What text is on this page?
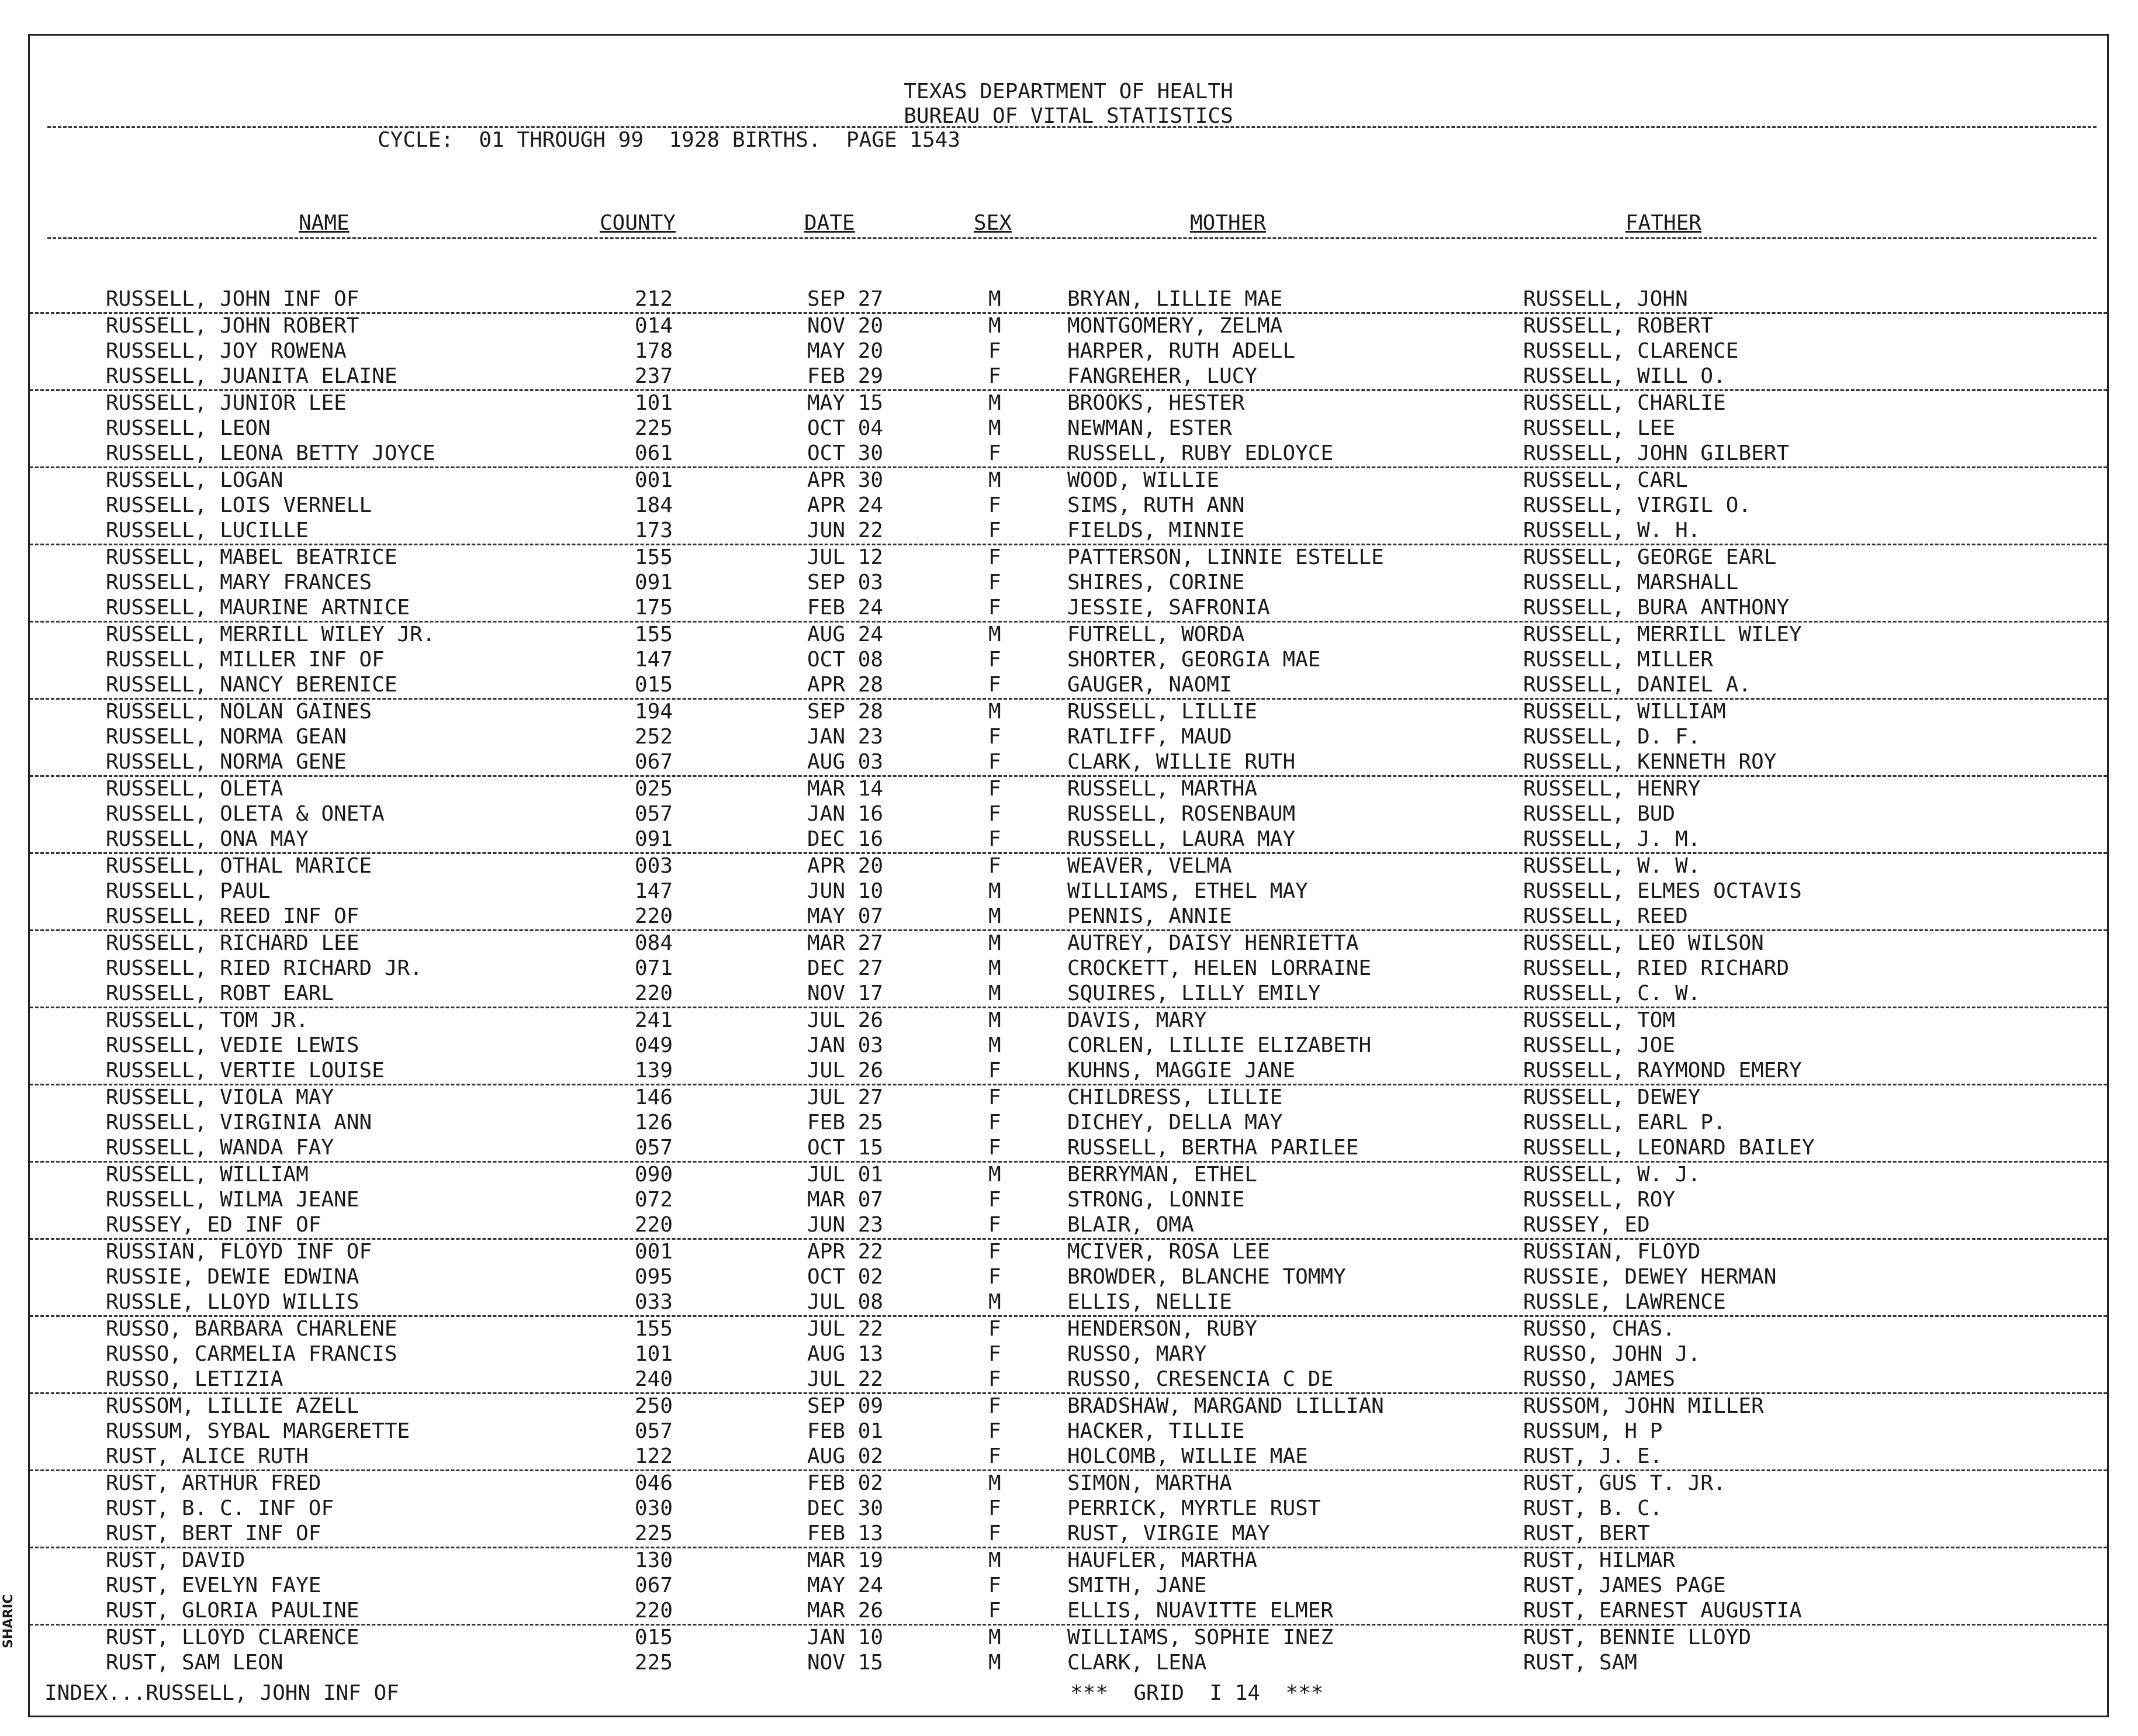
TEXAS DEPARTMENT OF HEALTH
BUREAU OF VITAL STATISTICS
CYCLE:  01 THROUGH 99  1928 BIRTHS.  PAGE 1543
NAME	COUNTY	DATE	SEX	MOTHER	FATHER
RUSSELL, JOHN INF OF	212	SEP 27	M	BRYAN, LILLIE MAE	RUSSELL, JOHN
RUSSELL, JOHN ROBERT	014	NOV 20	M	MONTGOMERY, ZELMA	RUSSELL, ROBERT
RUSSELL, JOY ROWENA	178	MAY 20	F	HARPER, RUTH ADELL	RUSSELL, CLARENCE
RUSSELL, JUANITA ELAINE	237	FEB 29	F	FANGREHER, LUCY	RUSSELL, WILL O.
RUSSELL, JUNIOR LEE	101	MAY 15	M	BROOKS, HESTER	RUSSELL, CHARLIE
RUSSELL, LEON	225	OCT 04	M	NEWMAN, ESTER	RUSSELL, LEE
RUSSELL, LEONA BETTY JOYCE	061	OCT 30	F	RUSSELL, RUBY EDLOYCE	RUSSELL, JOHN GILBERT
RUSSELL, LOGAN	001	APR 30	M	WOOD, WILLIE	RUSSELL, CARL
RUSSELL, LOIS VERNELL	184	APR 24	F	SIMS, RUTH ANN	RUSSELL, VIRGIL O.
RUSSELL, LUCILLE	173	JUN 22	F	FIELDS, MINNIE	RUSSELL, W. H.
RUSSELL, MABEL BEATRICE	155	JUL 12	F	PATTERSON, LINNIE ESTELLE	RUSSELL, GEORGE EARL
RUSSELL, MARY FRANCES	091	SEP 03	F	SHIRES, CORINE	RUSSELL, MARSHALL
RUSSELL, MAURINE ARTNICE	175	FEB 24	F	JESSIE, SAFRONIA	RUSSELL, BURA ANTHONY
RUSSELL, MERRILL WILEY JR.	155	AUG 24	M	FUTRELL, WORDA	RUSSELL, MERRILL WILEY
RUSSELL, MILLER INF OF	147	OCT 08	F	SHORTER, GEORGIA MAE	RUSSELL, MILLER
RUSSELL, NANCY BERENICE	015	APR 28	F	GAUGER, NAOMI	RUSSELL, DANIEL A.
RUSSELL, NOLAN GAINES	194	SEP 28	M	RUSSELL, LILLIE	RUSSELL, WILLIAM
RUSSELL, NORMA GEAN	252	JAN 23	F	RATLIFF, MAUD	RUSSELL, D. F.
RUSSELL, NORMA GENE	067	AUG 03	F	CLARK, WILLIE RUTH	RUSSELL, KENNETH ROY
RUSSELL, OLETA	025	MAR 14	F	RUSSELL, MARTHA	RUSSELL, HENRY
RUSSELL, OLETA & ONETA	057	JAN 16	F	RUSSELL, ROSENBAUM	RUSSELL, BUD
RUSSELL, ONA MAY	091	DEC 16	F	RUSSELL, LAURA MAY	RUSSELL, J. M.
RUSSELL, OTHAL MARICE	003	APR 20	F	WEAVER, VELMA	RUSSELL, W. W.
RUSSELL, PAUL	147	JUN 10	M	WILLIAMS, ETHEL MAY	RUSSELL, ELMES OCTAVIS
RUSSELL, REED INF OF	220	MAY 07	M	PENNIS, ANNIE	RUSSELL, REED
RUSSELL, RICHARD LEE	084	MAR 27	M	AUTREY, DAISY HENRIETTA	RUSSELL, LEO WILSON
RUSSELL, RIED RICHARD JR.	071	DEC 27	M	CROCKETT, HELEN LORRAINE	RUSSELL, RIED RICHARD
RUSSELL, ROBT EARL	220	NOV 17	M	SQUIRES, LILLY EMILY	RUSSELL, C. W.
RUSSELL, TOM JR.	241	JUL 26	M	DAVIS, MARY	RUSSELL, TOM
RUSSELL, VEDIE LEWIS	049	JAN 03	M	CORLEN, LILLIE ELIZABETH	RUSSELL, JOE
RUSSELL, VERTIE LOUISE	139	JUL 26	F	KUHNS, MAGGIE JANE	RUSSELL, RAYMOND EMERY
RUSSELL, VIOLA MAY	146	JUL 27	F	CHILDRESS, LILLIE	RUSSELL, DEWEY
RUSSELL, VIRGINIA ANN	126	FEB 25	F	DICHEY, DELLA MAY	RUSSELL, EARL P.
RUSSELL, WANDA FAY	057	OCT 15	F	RUSSELL, BERTHA PARILEE	RUSSELL, LEONARD BAILEY
RUSSELL, WILLIAM	090	JUL 01	M	BERRYMAN, ETHEL	RUSSELL, W. J.
RUSSELL, WILMA JEANE	072	MAR 07	F	STRONG, LONNIE	RUSSELL, ROY
RUSSEY, ED INF OF	220	JUN 23	F	BLAIR, OMA	RUSSEY, ED
RUSSIAN, FLOYD INF OF	001	APR 22	F	MCIVER, ROSA LEE	RUSSIAN, FLOYD
RUSSIE, DEWIE EDWINA	095	OCT 02	F	BROWDER, BLANCHE TOMMY	RUSSIE, DEWEY HERMAN
RUSSLE, LLOYD WILLIS	033	JUL 08	M	ELLIS, NELLIE	RUSSLE, LAWRENCE
RUSSO, BARBARA CHARLENE	155	JUL 22	F	HENDERSON, RUBY	RUSSO, CHAS.
RUSSO, CARMELIA FRANCIS	101	AUG 13	F	RUSSO, MARY	RUSSO, JOHN J.
RUSSO, LETIZIA	240	JUL 22	F	RUSSO, CRESENCIA C DE	RUSSO, JAMES
RUSSOM, LILLIE AZELL	250	SEP 09	F	BRADSHAW, MARGAND LILLIAN	RUSSOM, JOHN MILLER
RUSSUM, SYBAL MARGERETTE	057	FEB 01	F	HACKER, TILLIE	RUSSUM, H P
RUST, ALICE RUTH	122	AUG 02	F	HOLCOMB, WILLIE MAE	RUST, J. E.
RUST, ARTHUR FRED	046	FEB 02	M	SIMON, MARTHA	RUST, GUS T. JR.
RUST, B. C. INF OF	030	DEC 30	F	PERRICK, MYRTLE RUST	RUST, B. C.
RUST, BERT INF OF	225	FEB 13	F	RUST, VIRGIE MAY	RUST, BERT
RUST, DAVID	130	MAR 19	M	HAUFLER, MARTHA	RUST, HILMAR
RUST, EVELYN FAYE	067	MAY 24	F	SMITH, JANE	RUST, JAMES PAGE
RUST, GLORIA PAULINE	220	MAR 26	F	ELLIS, NUAVITTE ELMER	RUST, EARNEST AUGUSTIA
RUST, LLOYD CLARENCE	015	JAN 10	M	WILLIAMS, SOPHIE INEZ	RUST, BENNIE LLOYD
RUST, SAM LEON	225	NOV 15	M	CLARK, LENA	RUST, SAM
INDEX...RUSSELL, JOHN INF OF	***  GRID  I 14  ***
SHARIC
